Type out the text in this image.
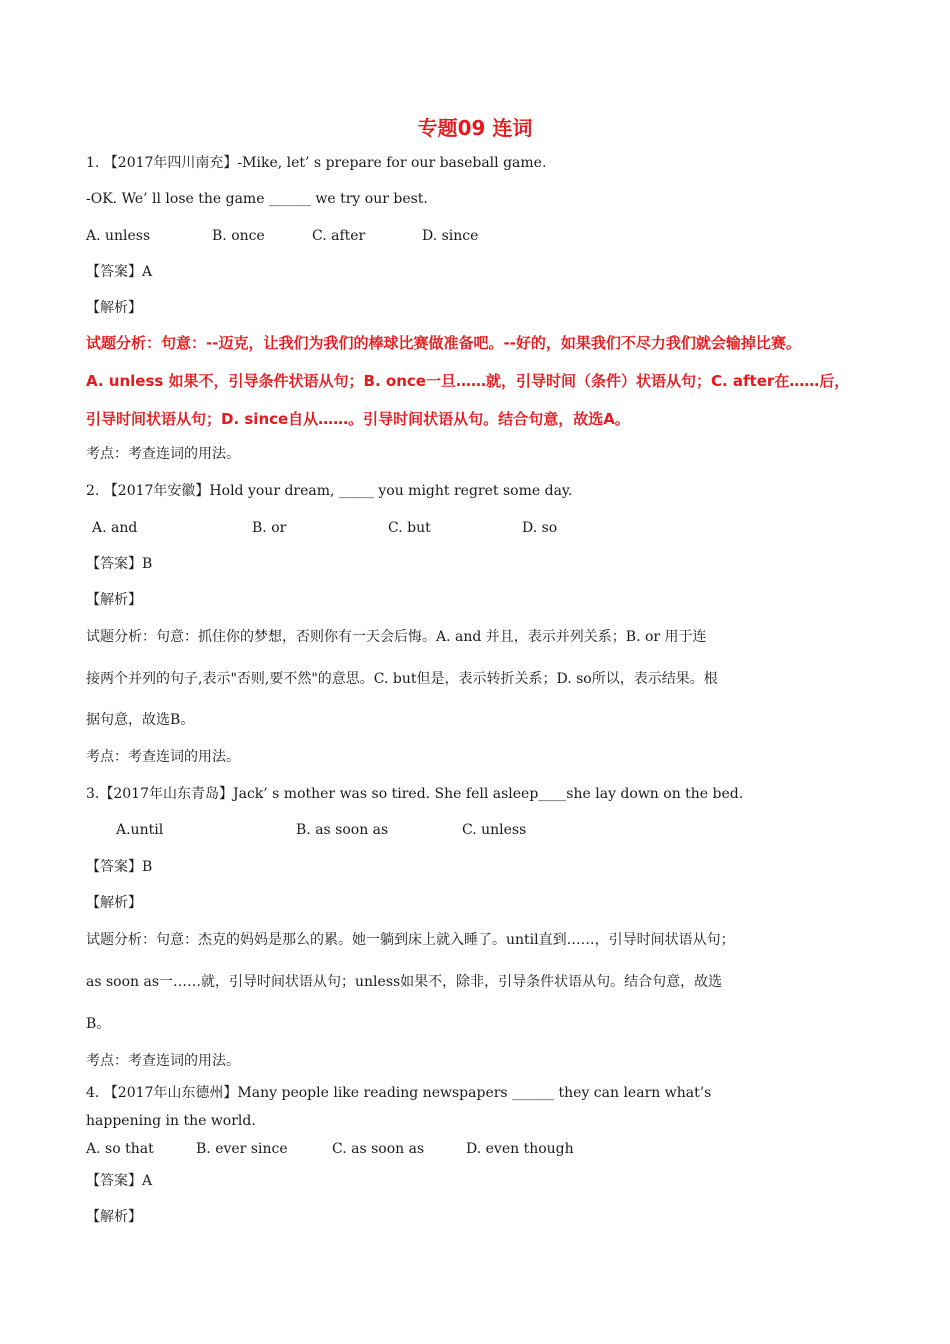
专题09 连词
1. 【2017年四川南充】-Mike, let’ s prepare for our baseball game.
-OK. We’ ll lose the game ______ we try our best.
A. unless	B. once	C. after	D. since
【答案】A
【解析】
试题分析：句意：--迈克，让我们为我们的棒球比赛做准备吧。--好的，如果我们不尽力我们就会输掉比赛。
A. unless 如果不，引导条件状语从句；B. once一旦……就，引导时间（条件）状语从句；C. after在……后，
引导时间状语从句；D. since自从……。引导时间状语从句。结合句意，故选A。
考点：考查连词的用法。
2. 【2017年安徽】Hold your dream, _____ you might regret some day.
A. and	B. or	C. but	D. so
【答案】B
【解析】
试题分析：句意：抓住你的梦想，否则你有一天会后悔。A. and 并且，表示并列关系；B. or 用于连
接两个并列的句子,表示"否则,要不然"的意思。C. but但是，表示转折关系；D. so所以，表示结果。根
据句意，故选B。
考点：考查连词的用法。
3.【2017年山东青岛】Jack’ s mother was so tired. She fell asleep____she lay down on the bed.
A.until	B. as soon as	C. unless
【答案】B
【解析】
试题分析：句意：杰克的妈妈是那么的累。她一躺到床上就入睡了。until直到……，引导时间状语从句；
as soon as一……就，引导时间状语从句；unless如果不，除非，引导条件状语从句。结合句意，故选
B。
考点：考查连词的用法。
4. 【2017年山东德州】Many people like reading newspapers ______ they can learn what’s
happening in the world.
A. so that	B. ever since	C. as soon as	D. even though
【答案】A
【解析】
